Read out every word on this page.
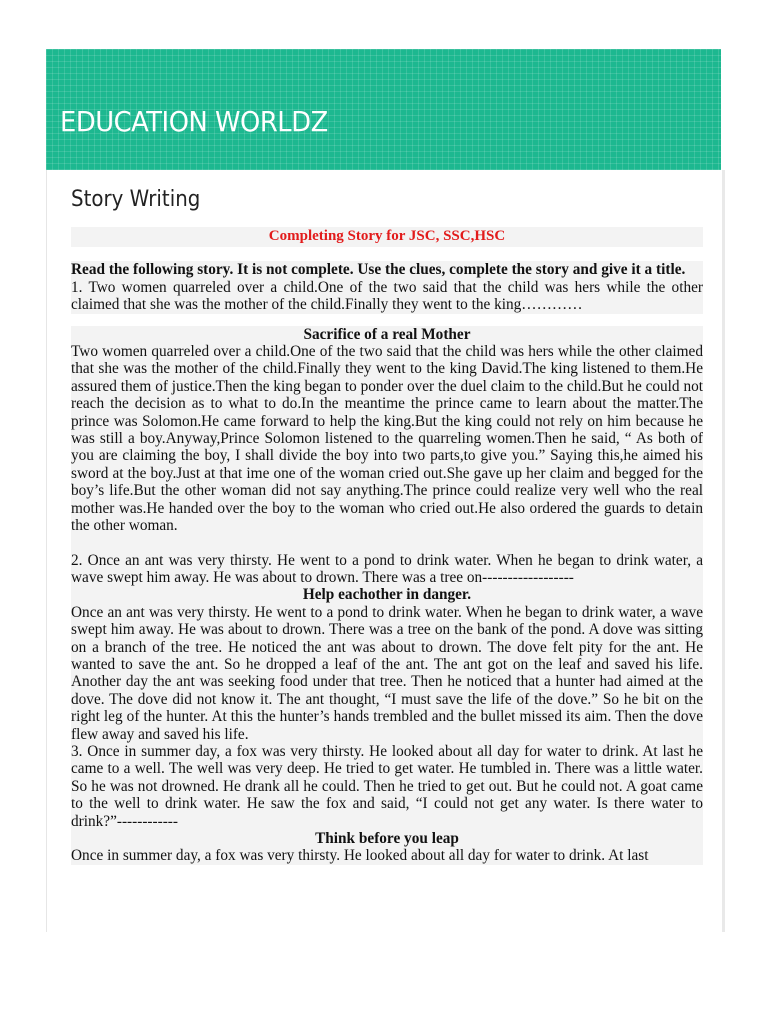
EDUCATION WORLDZ
Story Writing
Completing Story for JSC, SSC,HSC

Read the following story. It is not complete. Use the clues, complete the story and give it a title.

1. Two women quarreled over a child.One of the two said that the child was hers while the other claimed that she was the mother of the child.Finally they went to the king…………

Sacrifice of a real Mother

Two women quarreled over a child.One of the two said that the child was hers while the other claimed that she was the mother of the child.Finally they went to the king David.The king listened to them.He assured them of justice.Then the king began to ponder over the duel claim to the child.But he could not reach the decision as to what to do.In the meantime the prince came to learn about the matter.The prince was Solomon.He came forward to help the king.But the king could not rely on him because he was still a boy.Anyway,Prince Solomon listened to the quarreling women.Then he said, “ As both of you are claiming the boy, I shall divide the boy into two parts,to give you.” Saying this,he aimed his sword at the boy.Just at that ime one of the woman cried out.She gave up her claim and begged for the boy’s life.But the other woman did not say anything.The prince could realize very well who the real mother was.He handed over the boy to the woman who cried out.He also ordered the guards to detain the other woman.

2. Once an ant was very thirsty. He went to a pond to drink water. When he began to drink water, a wave swept him away. He was about to drown. There was a tree on------------------

Help eachother in danger.

Once an ant was very thirsty. He went to a pond to drink water. When he began to drink water, a wave swept him away. He was about to drown. There was a tree on the bank of the pond. A dove was sitting on a branch of the tree. He noticed the ant was about to drown. The dove felt pity for the ant. He wanted to save the ant. So he dropped a leaf of the ant. The ant got on the leaf and saved his life. Another day the ant was seeking food under that tree. Then he noticed that a hunter had aimed at the dove. The dove did not know it. The ant thought, “I must save the life of the dove.” So he bit on the right leg of the hunter. At this the hunter’s hands trembled and the bullet missed its aim. Then the dove flew away and saved his life.

3. Once in summer day, a fox was very thirsty. He looked about all day for water to drink. At last he came to a well. The well was very deep. He tried to get water. He tumbled in. There was a little water. So he was not drowned. He drank all he could. Then he tried to get out. But he could not. A goat came to the well to drink water. He saw the fox and said, “I could not get any water. Is there water to drink?”------------

Think before you leap

Once in summer day, a fox was very thirsty. He looked about all day for water to drink. At last
